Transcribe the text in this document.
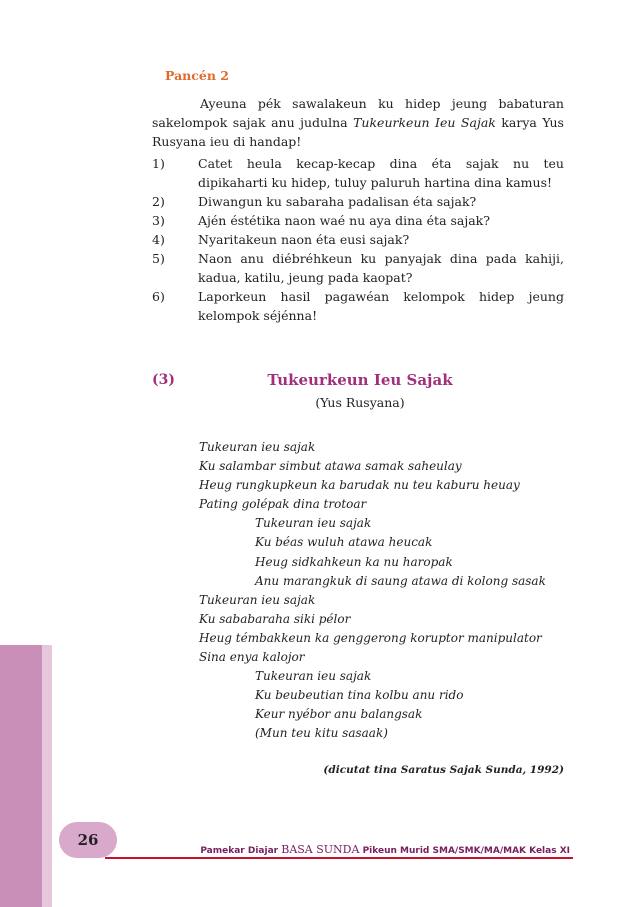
Pancén 2
Ayeuna pék sawalakeun ku hidep jeung babaturan sakelompok sajak anu judulna Tukeurkeun Ieu Sajak karya Yus Rusyana ieu di handap!
1)	Catet heula kecap-kecap dina éta sajak nu teu dipikaharti ku hidep, tuluy paluruh hartina dina kamus!
2)	Diwangun ku sabaraha padalisan éta sajak?
3)	Ajén éstétika naon waé nu aya dina éta sajak?
4)	Nyaritakeun naon éta eusi sajak?
5)	Naon anu diébréhkeun ku panyajak dina pada kahiji, kadua, katilu, jeung pada kaopat?
6)	Laporkeun hasil pagawéan kelompok hidep jeung kelompok séjénna!
(3)	Tukeurkeun Ieu Sajak
(Yus Rusyana)
Tukeuran ieu sajak
Ku salambar simbut atawa samak saheulay
Heug rungkupkeun ka barudak nu teu kaburu heuay
Pating golépak dina trotoar
Tukeuran ieu sajak
Ku béas wuluh atawa heucak
Heug sidkahkeun ka nu haropak
Anu marangkuk di saung atawa di kolong sasak
Tukeuran ieu sajak
Ku sababaraha siki pélor
Heug témbakkeun ka genggerong koruptor manipulator
Sina enya kalojor
Tukeuran ieu sajak
Ku beubeutian tina kolbu anu rido
Keur nyébor anu balangsak
(Mun teu kitu sasaak)
(dicutat tina Saratus Sajak Sunda, 1992)
26
Pamekar Diajar BASA SUNDA Pikeun Murid SMA/SMK/MA/MAK Kelas XI
